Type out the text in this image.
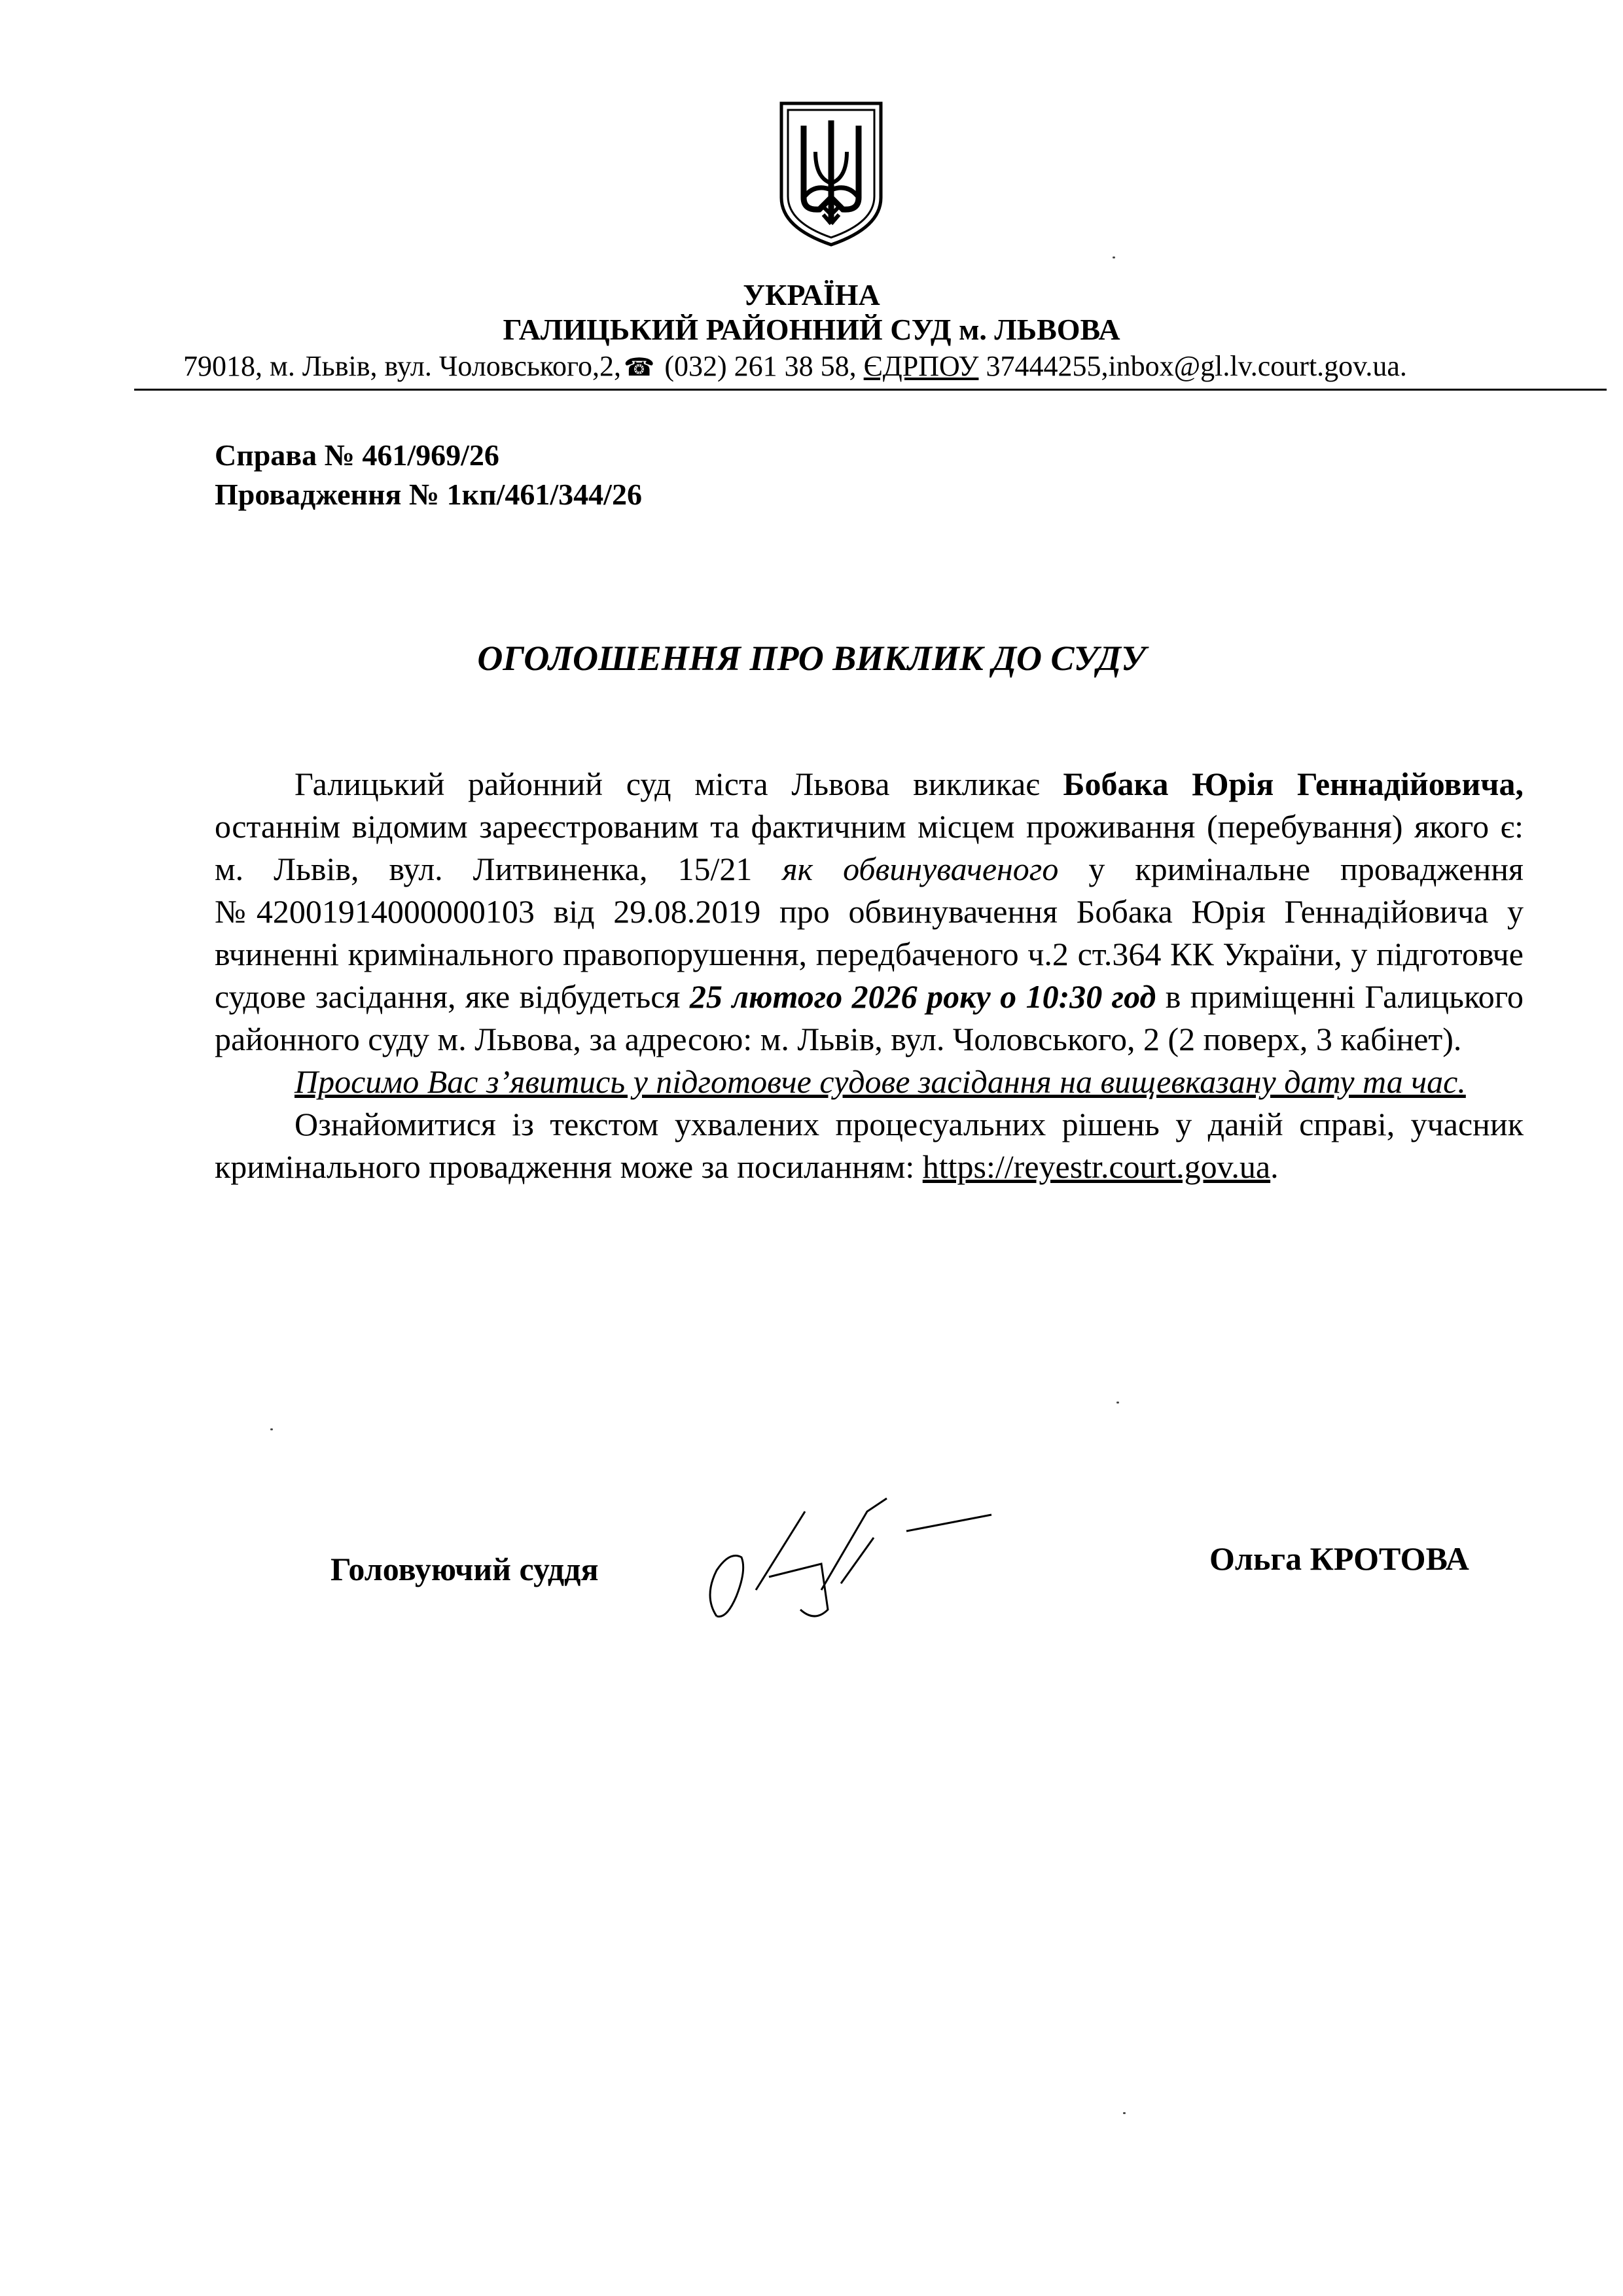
УКРАЇНА
ГАЛИЦЬКИЙ РАЙОННИЙ СУД м. ЛЬВОВА
79018, м. Львів, вул. Чоловського,2, ☎ (032) 261 38 58, ЄДРПОУ 37444255,inbox@gl.lv.court.gov.ua.
Справа № 461/969/26
Провадження № 1кп/461/344/26
ОГОЛОШЕННЯ ПРО ВИКЛИК ДО СУДУ

Галицький районний суд міста Львова викликає Бобака Юрія Геннадійовича, останнім відомим зареєстрованим та фактичним місцем проживання (перебування) якого є: м. Львів, вул. Литвиненка, 15/21 як обвинуваченого у кримінальне провадження №42001914000000103 від 29.08.2019 про обвинувачення Бобака Юрія Геннадійовича у вчиненні кримінального правопорушення, передбаченого ч.2 ст.364 КК України, у підготовче судове засідання, яке відбудеться 25 лютого 2026 року о 10:30 год в приміщенні Галицького районного суду м. Львова, за адресою: м. Львів, вул. Чоловського, 2 (2 поверх, 3 кабінет).

Просимо Вас з’явитись у підготовче судове засідання на вищевказану дату та час.

Ознайомитися із текстом ухвалених процесуальних рішень у даній справі, учасник кримінального провадження може за посиланням: https://reyestr.court.gov.ua.

Головуючий суддя	Ольга КРОТОВА
